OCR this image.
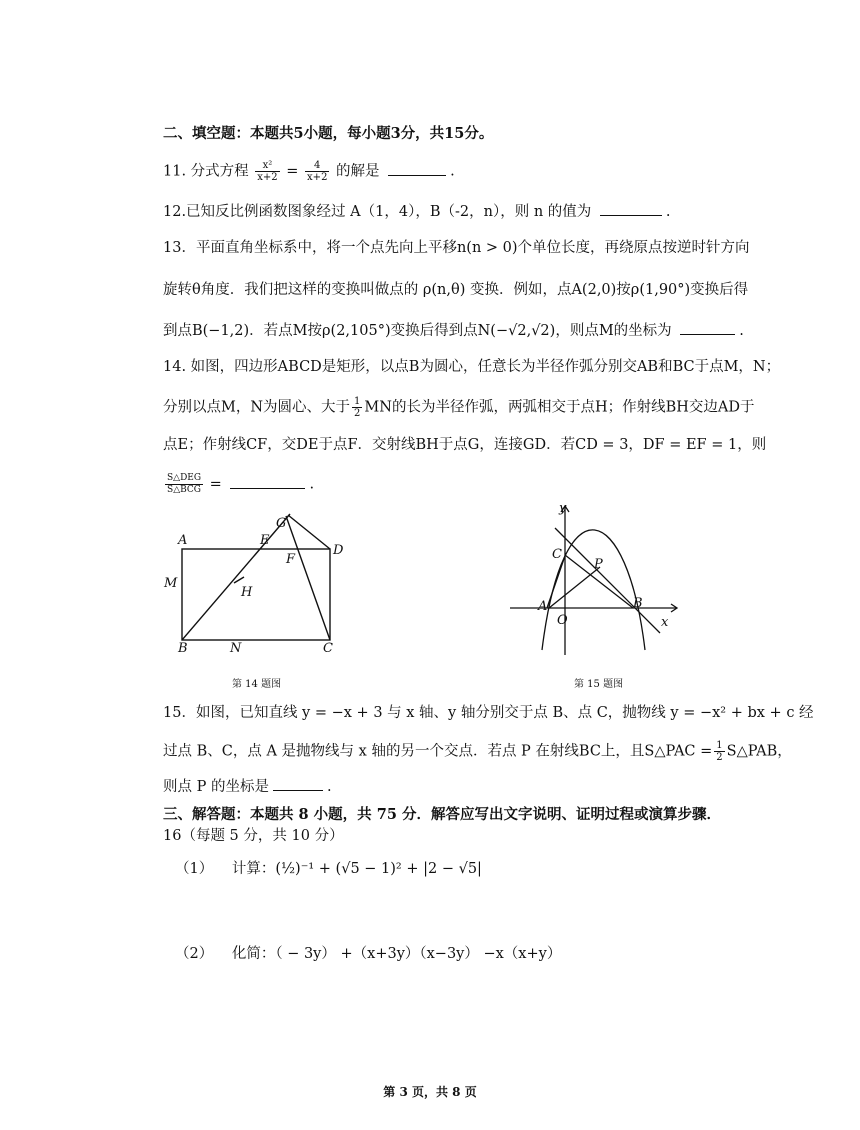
二、填空题：本题共5小题，每小题3分，共15分。
11. 分式方程 $\frac{\text{x²}}{x+2} = \frac{4}{x+2}$ 的解是	.
12.已知反比例函数图象经过 A（1，4），B（-2，n），则 n 的值为	.
13．平面直角坐标系中，将一个点先向上平移n(n > 0)个单位长度，再绕原点按逆时针方向
旋转θ角度．我们把这样的变换叫做点的 ρ(n,θ) 变换．例如，点A(2,0)按ρ(1,90°)变换后得
到点B(−1,2)．若点M按ρ(2,105°)变换后得到点N(−√2,√2)，则点M的坐标为	.
14. 如图，四边形ABCD是矩形，以点B为圆心，任意长为半径作弧分别交AB和BC于点M，N；
分别以点M，N为圆心、大于 $\frac{1}{2}$ MN的长为半径作弧，两弧相交于点H；作射线BH交边AD于
点E；作射线CF，交DE于点F．交射线BH于点G，连接GD．若CD = 3，DF = EF = 1，则
$\frac{\text{S△DEG}}{\text{S△BCG}}$ =	.
A
B	C
D
E
F
G
H
M
N
第 14 题图
y
x
O
A	B
C
P
第 15 题图
15．如图，已知直线 y = −x + 3 与 x 轴、y 轴分别交于点 B、点 C，抛物线 y = −x² + bx + c 经
过点 B、C，点 A 是抛物线与 x 轴的另一个交点．若点 P 在射线BC上，且S△PAC = $\frac{1}{2}$ S△PAB，
则点 P 的坐标是	.
三、解答题：本题共 8 小题，共 75 分．解答应写出文字说明、证明过程或演算步骤．
16（每题 5 分，共 10 分）
（1） 计算：(½)⁻¹ + (√5 − 1)² + |2 − √5|
（2） 化简：（ − 3y） +（x+3y）（x−3y） −x（x+y）
第 3 页，共 8 页
